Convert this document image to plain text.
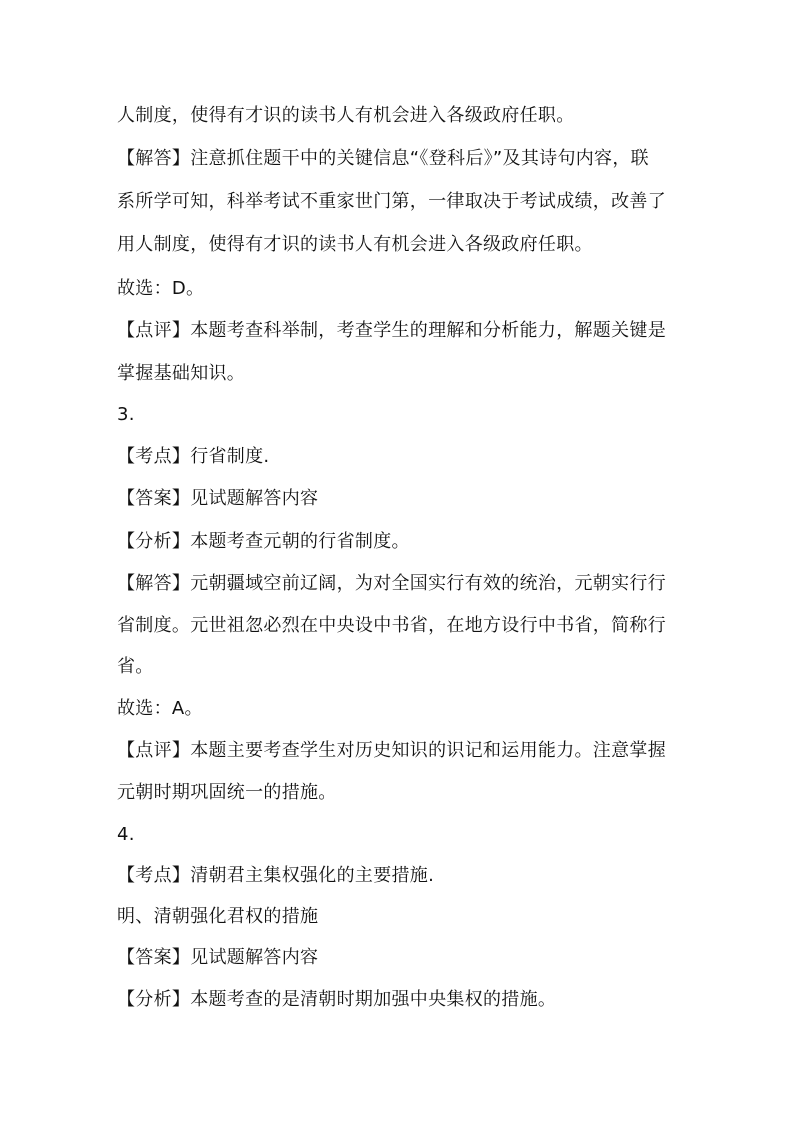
人制度，使得有才识的读书人有机会进入各级政府任职。
【解答】注意抓住题干中的关键信息“《登科后》”及其诗句内容，联
系所学可知，科举考试不重家世门第，一律取决于考试成绩，改善了
用人制度，使得有才识的读书人有机会进入各级政府任职。
故选：D。
【点评】本题考查科举制，考查学生的理解和分析能力，解题关键是
掌握基础知识。
3.
【考点】行省制度.
【答案】见试题解答内容
【分析】本题考查元朝的行省制度。
【解答】元朝疆域空前辽阔，为对全国实行有效的统治，元朝实行行
省制度。元世祖忽必烈在中央设中书省，在地方设行中书省，简称行
省。
故选：A。
【点评】本题主要考查学生对历史知识的识记和运用能力。注意掌握
元朝时期巩固统一的措施。
4.
【考点】清朝君主集权强化的主要措施.
明、清朝强化君权的措施
【答案】见试题解答内容
【分析】本题考查的是清朝时期加强中央集权的措施。
